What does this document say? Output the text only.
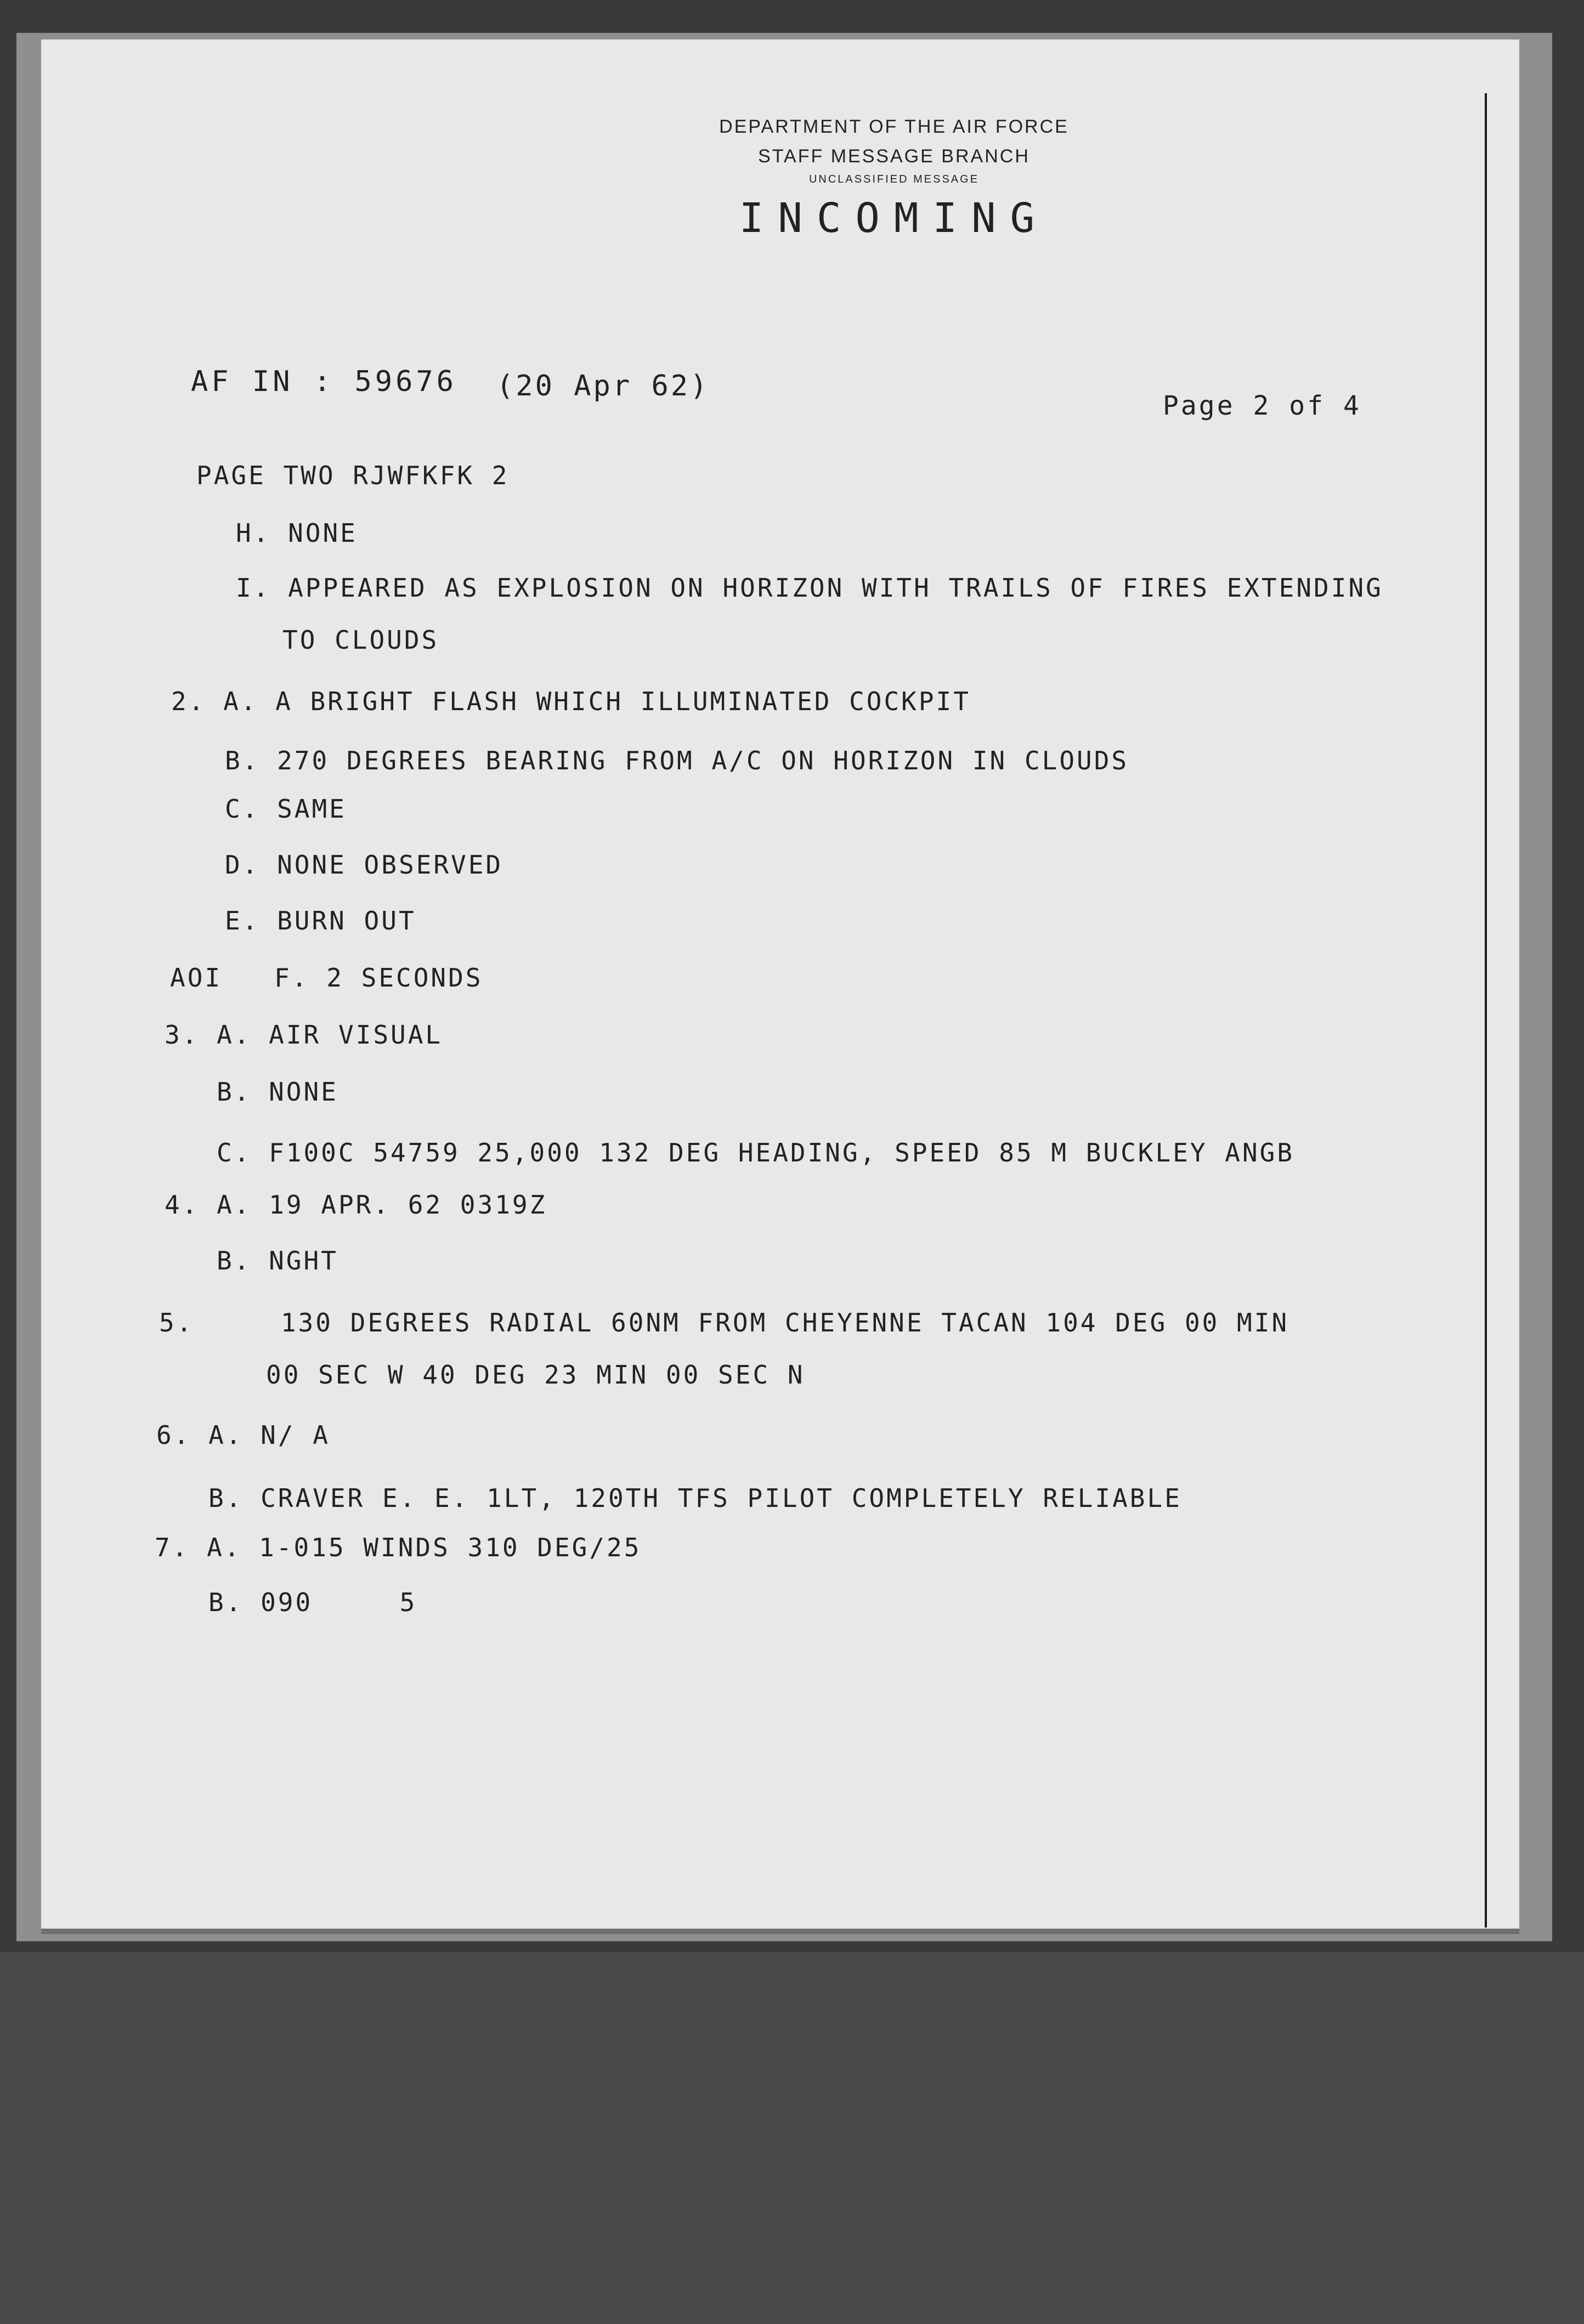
DEPARTMENT OF THE AIR FORCE
STAFF MESSAGE BRANCH
UNCLASSIFIED MESSAGE
INCOMING
AF IN : 59676 (20 Apr 62)
Page 2 of 4
PAGE TWO RJWFKFK 2
H. NONE
I. APPEARED AS EXPLOSION ON HORIZON WITH TRAILS OF FIRES EXTENDING
TO CLOUDS
2. A. A BRIGHT FLASH WHICH ILLUMINATED COCKPIT
B. 270 DEGREES BEARING FROM A/C ON HORIZON IN CLOUDS
C. SAME
D. NONE OBSERVED
E. BURN OUT
AOI   F. 2 SECONDS
3. A. AIR VISUAL
B. NONE
C. F100C 54759 25,000 132 DEG HEADING, SPEED 85 M BUCKLEY ANGB
4. A. 19 APR. 62 0319Z
B. NGHT
5.     130 DEGREES RADIAL 60NM FROM CHEYENNE TACAN 104 DEG 00 MIN
00 SEC W 40 DEG 23 MIN 00 SEC N
6. A. N/ A
B. CRAVER E. E. 1LT, 120TH TFS PILOT COMPLETELY RELIABLE
7. A. 1-015 WINDS 310 DEG/25
B. 090     5
